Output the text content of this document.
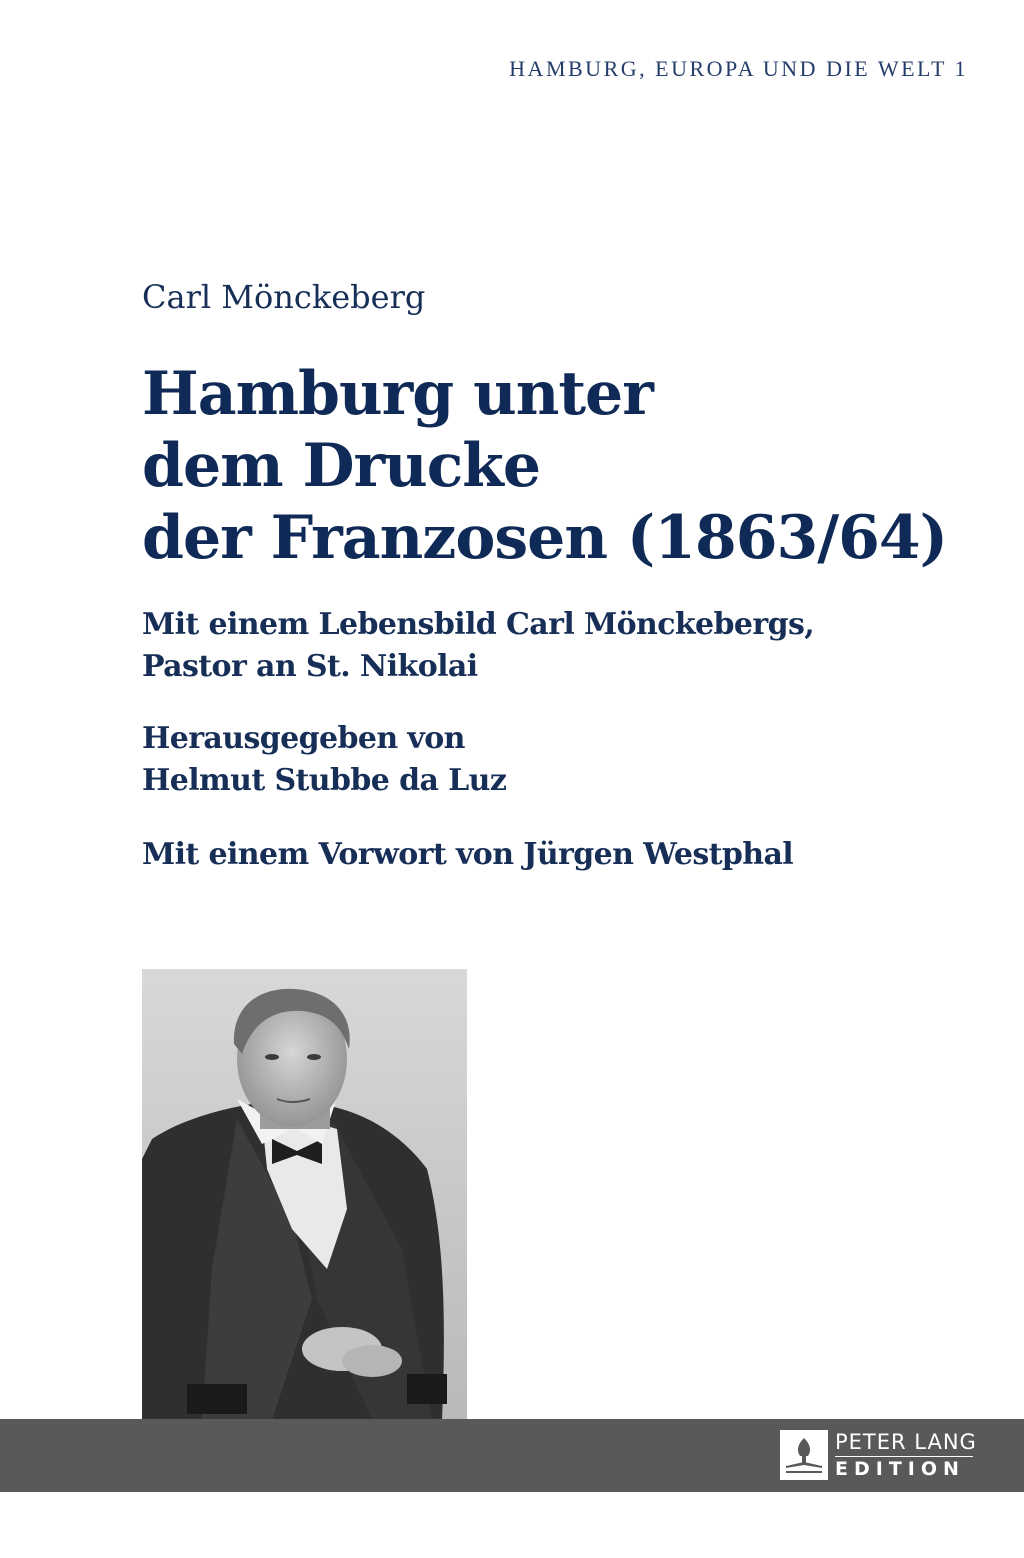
HAMBURG, EUROPA UND DIE WELT 1
Carl Mönckeberg
Hamburg unter
dem Drucke
der Franzosen (1863/64)
Mit einem Lebensbild Carl Mönckebergs,
Pastor an St. Nikolai
Herausgegeben von
Helmut Stubbe da Luz
Mit einem Vorwort von Jürgen Westphal
PETER LANG
EDITION
